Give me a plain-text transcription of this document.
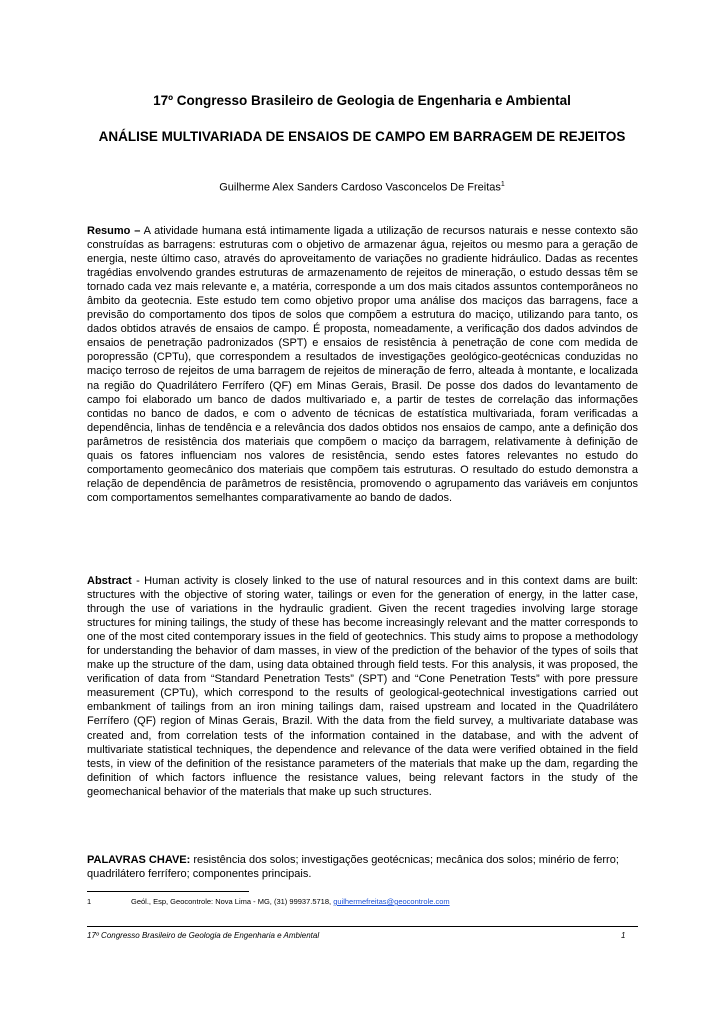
17º Congresso Brasileiro de Geologia de Engenharia e Ambiental
ANÁLISE MULTIVARIADA DE ENSAIOS DE CAMPO EM BARRAGEM DE REJEITOS
Guilherme Alex Sanders Cardoso Vasconcelos De Freitas$^1$
Resumo – A atividade humana está intimamente ligada a utilização de recursos naturais e nesse contexto são construídas as barragens: estruturas com o objetivo de armazenar água, rejeitos ou mesmo para a geração de energia, neste último caso, através do aproveitamento de variações no gradiente hidráulico. Dadas as recentes tragédias envolvendo grandes estruturas de armazenamento de rejeitos de mineração, o estudo dessas têm se tornado cada vez mais relevante e, a matéria, corresponde a um dos mais citados assuntos contemporâneos no âmbito da geotecnia. Este estudo tem como objetivo propor uma análise dos maciços das barragens, face a previsão do comportamento dos tipos de solos que compõem a estrutura do maciço, utilizando para tanto, os dados obtidos através de ensaios de campo. É proposta, nomeadamente, a verificação dos dados advindos de ensaios de penetração padronizados (SPT) e ensaios de resistência à penetração de cone com medida de poropressão (CPTu), que correspondem a resultados de investigações geológico-geotécnicas conduzidas no maciço terroso de rejeitos de uma barragem de rejeitos de mineração de ferro, alteada à montante, e localizada na região do Quadrilátero Ferrífero (QF) em Minas Gerais, Brasil. De posse dos dados do levantamento de campo foi elaborado um banco de dados multivariado e, a partir de testes de correlação das informações contidas no banco de dados, e com o advento de técnicas de estatística multivariada, foram verificadas a dependência, linhas de tendência e a relevância dos dados obtidos nos ensaios de campo, ante a definição dos parâmetros de resistência dos materiais que compõem o maciço da barragem, relativamente à definição de quais os fatores influenciam nos valores de resistência, sendo estes fatores relevantes no estudo do comportamento geomecânico dos materiais que compõem tais estruturas. O resultado do estudo demonstra a relação de dependência de parâmetros de resistência, promovendo o agrupamento das variáveis em conjuntos com comportamentos semelhantes comparativamente ao bando de dados.
Abstract - Human activity is closely linked to the use of natural resources and in this context dams are built: structures with the objective of storing water, tailings or even for the generation of energy, in the latter case, through the use of variations in the hydraulic gradient. Given the recent tragedies involving large storage structures for mining tailings, the study of these has become increasingly relevant and the matter corresponds to one of the most cited contemporary issues in the field of geotechnics. This study aims to propose a methodology for understanding the behavior of dam masses, in view of the prediction of the behavior of the types of soils that make up the structure of the dam, using data obtained through field tests. For this analysis, it was proposed, the verification of data from “Standard Penetration Tests” (SPT) and “Cone Penetration Tests” with pore pressure measurement (CPTu), which correspond to the results of geological-geotechnical investigations carried out embankment of tailings from an iron mining tailings dam, raised upstream and located in the Quadrilátero Ferrífero (QF) region of Minas Gerais, Brazil. With the data from the field survey, a multivariate database was created and, from correlation tests of the information contained in the database, and with the advent of multivariate statistical techniques, the dependence and relevance of the data were verified obtained in the field tests, in view of the definition of the resistance parameters of the materials that make up the dam, regarding the definition of which factors influence the resistance values, being relevant factors in the study of the geomechanical behavior of the materials that make up such structures.
PALAVRAS CHAVE: resistência dos solos; investigações geotécnicas; mecânica dos solos; minério de ferro; quadrilátero ferrífero; componentes principais.
1	Geól., Esp, Geocontrole: Nova Lima - MG, (31) 99937.5718, guilhermefreitas@geocontrole.com
17º Congresso Brasileiro de Geologia de Engenharia e Ambiental	1
